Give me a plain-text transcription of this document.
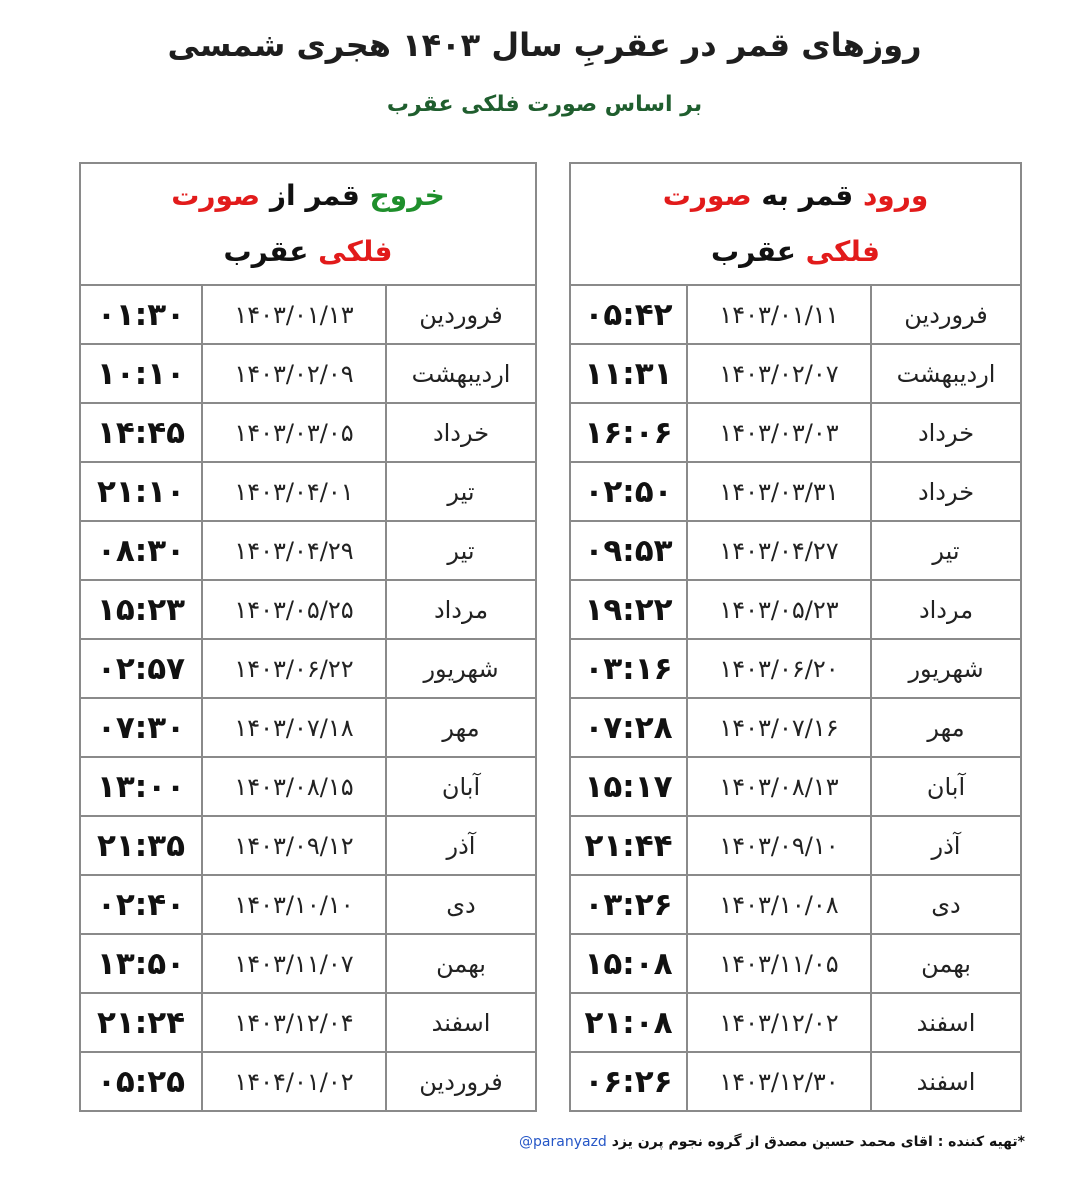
روزهای قمر در عقربِ سال ۱۴۰۳ هجری شمسی
بر اساس صورت فلکی عقرب
خروج قمر از صورت
فلکی عقرب		

۰۱:۳۰	۱۴۰۳/۰۱/۱۳	فروردین
۱۰:۱۰	۱۴۰۳/۰۲/۰۹	اردیبهشت
۱۴:۴۵	۱۴۰۳/۰۳/۰۵	خرداد
۲۱:۱۰	۱۴۰۳/۰۴/۰۱	تیر
۰۸:۳۰	۱۴۰۳/۰۴/۲۹	تیر
۱۵:۲۳	۱۴۰۳/۰۵/۲۵	مرداد
۰۲:۵۷	۱۴۰۳/۰۶/۲۲	شهریور
۰۷:۳۰	۱۴۰۳/۰۷/۱۸	مهر
۱۳:۰۰	۱۴۰۳/۰۸/۱۵	آبان
۲۱:۳۵	۱۴۰۳/۰۹/۱۲	آذر
۰۲:۴۰	۱۴۰۳/۱۰/۱۰	دی
۱۳:۵۰	۱۴۰۳/۱۱/۰۷	بهمن
۲۱:۲۴	۱۴۰۳/۱۲/۰۴	اسفند
۰۵:۲۵	۱۴۰۴/۰۱/۰۲	فروردین
ورود قمر به صورت
فلکی عقرب		

۰۵:۴۲	۱۴۰۳/۰۱/۱۱	فروردین
۱۱:۳۱	۱۴۰۳/۰۲/۰۷	اردیبهشت
۱۶:۰۶	۱۴۰۳/۰۳/۰۳	خرداد
۰۲:۵۰	۱۴۰۳/۰۳/۳۱	خرداد
۰۹:۵۳	۱۴۰۳/۰۴/۲۷	تیر
۱۹:۲۲	۱۴۰۳/۰۵/۲۳	مرداد
۰۳:۱۶	۱۴۰۳/۰۶/۲۰	شهریور
۰۷:۲۸	۱۴۰۳/۰۷/۱۶	مهر
۱۵:۱۷	۱۴۰۳/۰۸/۱۳	آبان
۲۱:۴۴	۱۴۰۳/۰۹/۱۰	آذر
۰۳:۲۶	۱۴۰۳/۱۰/۰۸	دی
۱۵:۰۸	۱۴۰۳/۱۱/۰۵	بهمن
۲۱:۰۸	۱۴۰۳/۱۲/۰۲	اسفند
۰۶:۲۶	۱۴۰۳/۱۲/۳۰	اسفند
*تهیه کننده : اقای محمد حسین مصدق از گروه نجوم پرن یزد @paranyazd
